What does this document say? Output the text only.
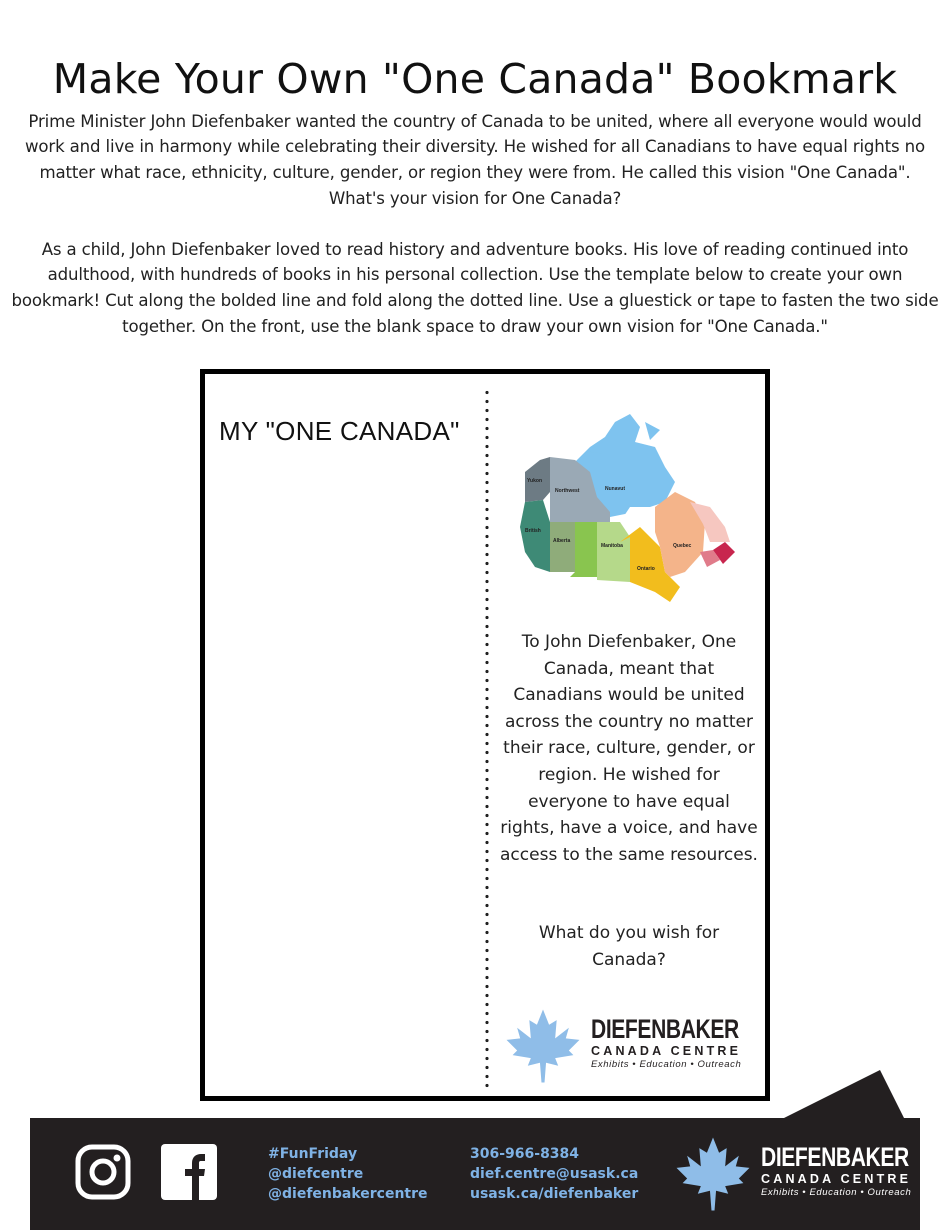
Make Your Own "One Canada" Bookmark

Prime Minister John Diefenbaker wanted the country of Canada to be united, where all everyone would would work and live in harmony while celebrating their diversity. He wished for all Canadians to have equal rights no matter what race, ethnicity, culture, gender, or region they were from. He called this vision "One Canada". What's your vision for One Canada?

As a child, John Diefenbaker loved to read history and adventure books. His love of reading continued into adulthood, with hundreds of books in his personal collection. Use the template below to create your own bookmark! Cut along the bolded line and fold along the dotted line. Use a gluestick or tape to fasten the two side together. On the front, use the blank space to draw your own vision for "One Canada."

MY "ONE CANADA"
Yukon
Northwest	Nunavut
British
Alberta
Manitoba
Ontario
Quebec
To John Diefenbaker, One Canada, meant that Canadians would be united across the country no matter their race, culture, gender, or region. He wished for everyone to have equal rights, have a voice, and have access to the same resources.
What do you wish for Canada?
DIEFENBAKER
CANADA CENTRE
Exhibits • Education • Outreach
#FunFriday
@diefcentre
@diefenbakercentre
306-966-8384
dief.centre@usask.ca
usask.ca/diefenbaker
DIEFENBAKER
CANADA CENTRE
Exhibits • Education • Outreach
